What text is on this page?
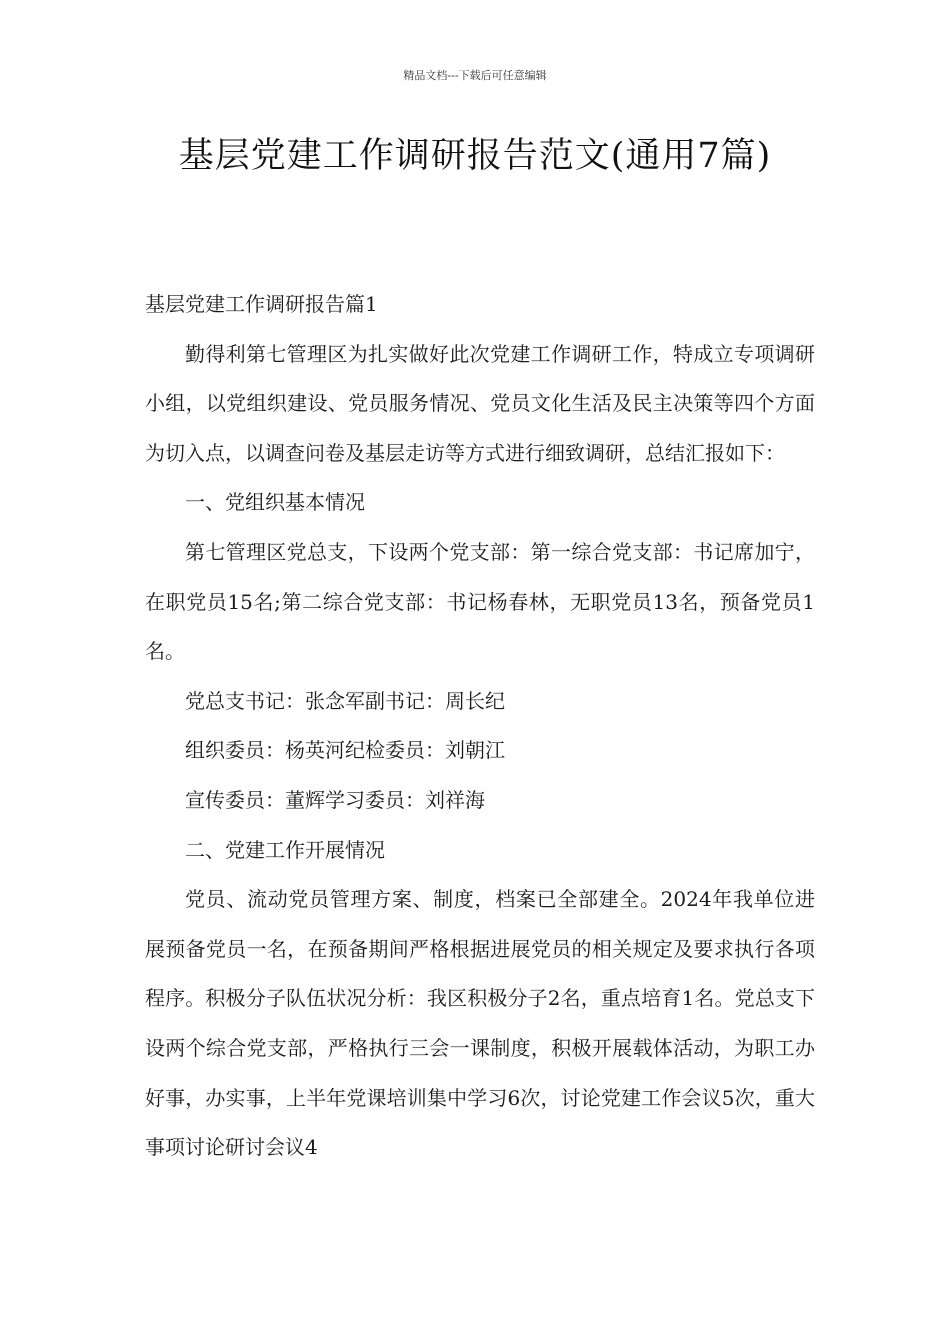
精品文档---下载后可任意编辑
基层党建工作调研报告范文(通用7篇)

基层党建工作调研报告篇1

勤得利第七管理区为扎实做好此次党建工作调研工作，特成立专项调研小组，以党组织建设、党员服务情况、党员文化生活及民主决策等四个方面为切入点，以调查问卷及基层走访等方式进行细致调研，总结汇报如下：

一、党组织基本情况

第七管理区党总支，下设两个党支部：第一综合党支部：书记席加宁，在职党员15名;第二综合党支部：书记杨春林，无职党员13名，预备党员1名。

党总支书记：张念军副书记：周长纪

组织委员：杨英河纪检委员：刘朝江

宣传委员：董辉学习委员：刘祥海

二、党建工作开展情况

党员、流动党员管理方案、制度，档案已全部建全。2024年我单位进展预备党员一名，在预备期间严格根据进展党员的相关规定及要求执行各项程序。积极分子队伍状况分析：我区积极分子2名，重点培育1名。党总支下设两个综合党支部，严格执行三会一课制度，积极开展载体活动，为职工办好事，办实事，上半年党课培训集中学习6次，讨论党建工作会议5次，重大事项讨论研讨会议4
